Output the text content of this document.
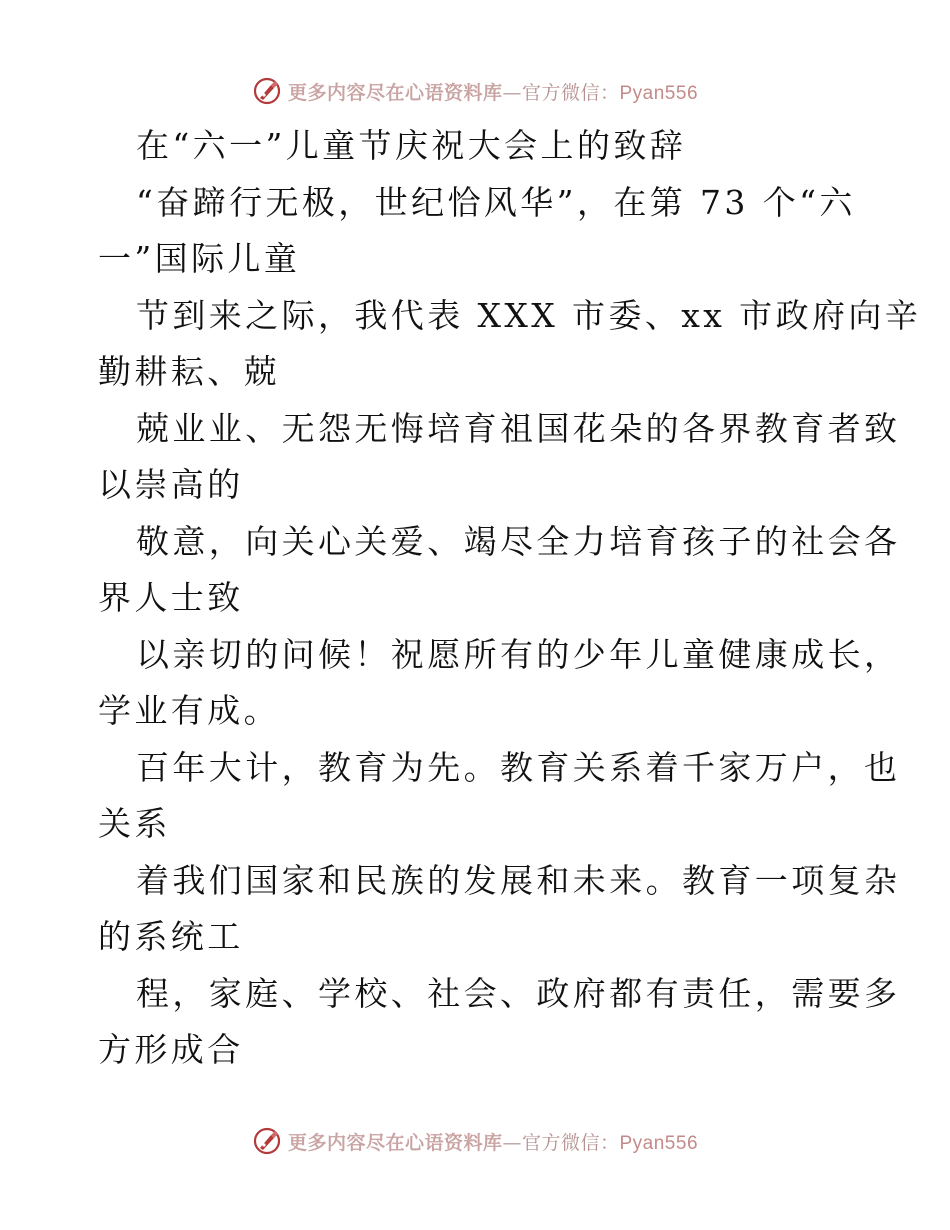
更多内容尽在心语资料库—官方微信：Pyan556
在“六一”儿童节庆祝大会上的致辞
“奋蹄行无极，世纪恰风华”，在第 73 个“六
一”国际儿童
节到来之际，我代表 XXX 市委、xx 市政府向辛
勤耕耘、兢
兢业业、无怨无悔培育祖国花朵的各界教育者致
以崇高的
敬意，向关心关爱、竭尽全力培育孩子的社会各
界人士致
以亲切的问候！祝愿所有的少年儿童健康成长，
学业有成。
百年大计，教育为先。教育关系着千家万户，也
关系
着我们国家和民族的发展和未来。教育一项复杂
的系统工
程，家庭、学校、社会、政府都有责任，需要多
方形成合
更多内容尽在心语资料库—官方微信：Pyan556
